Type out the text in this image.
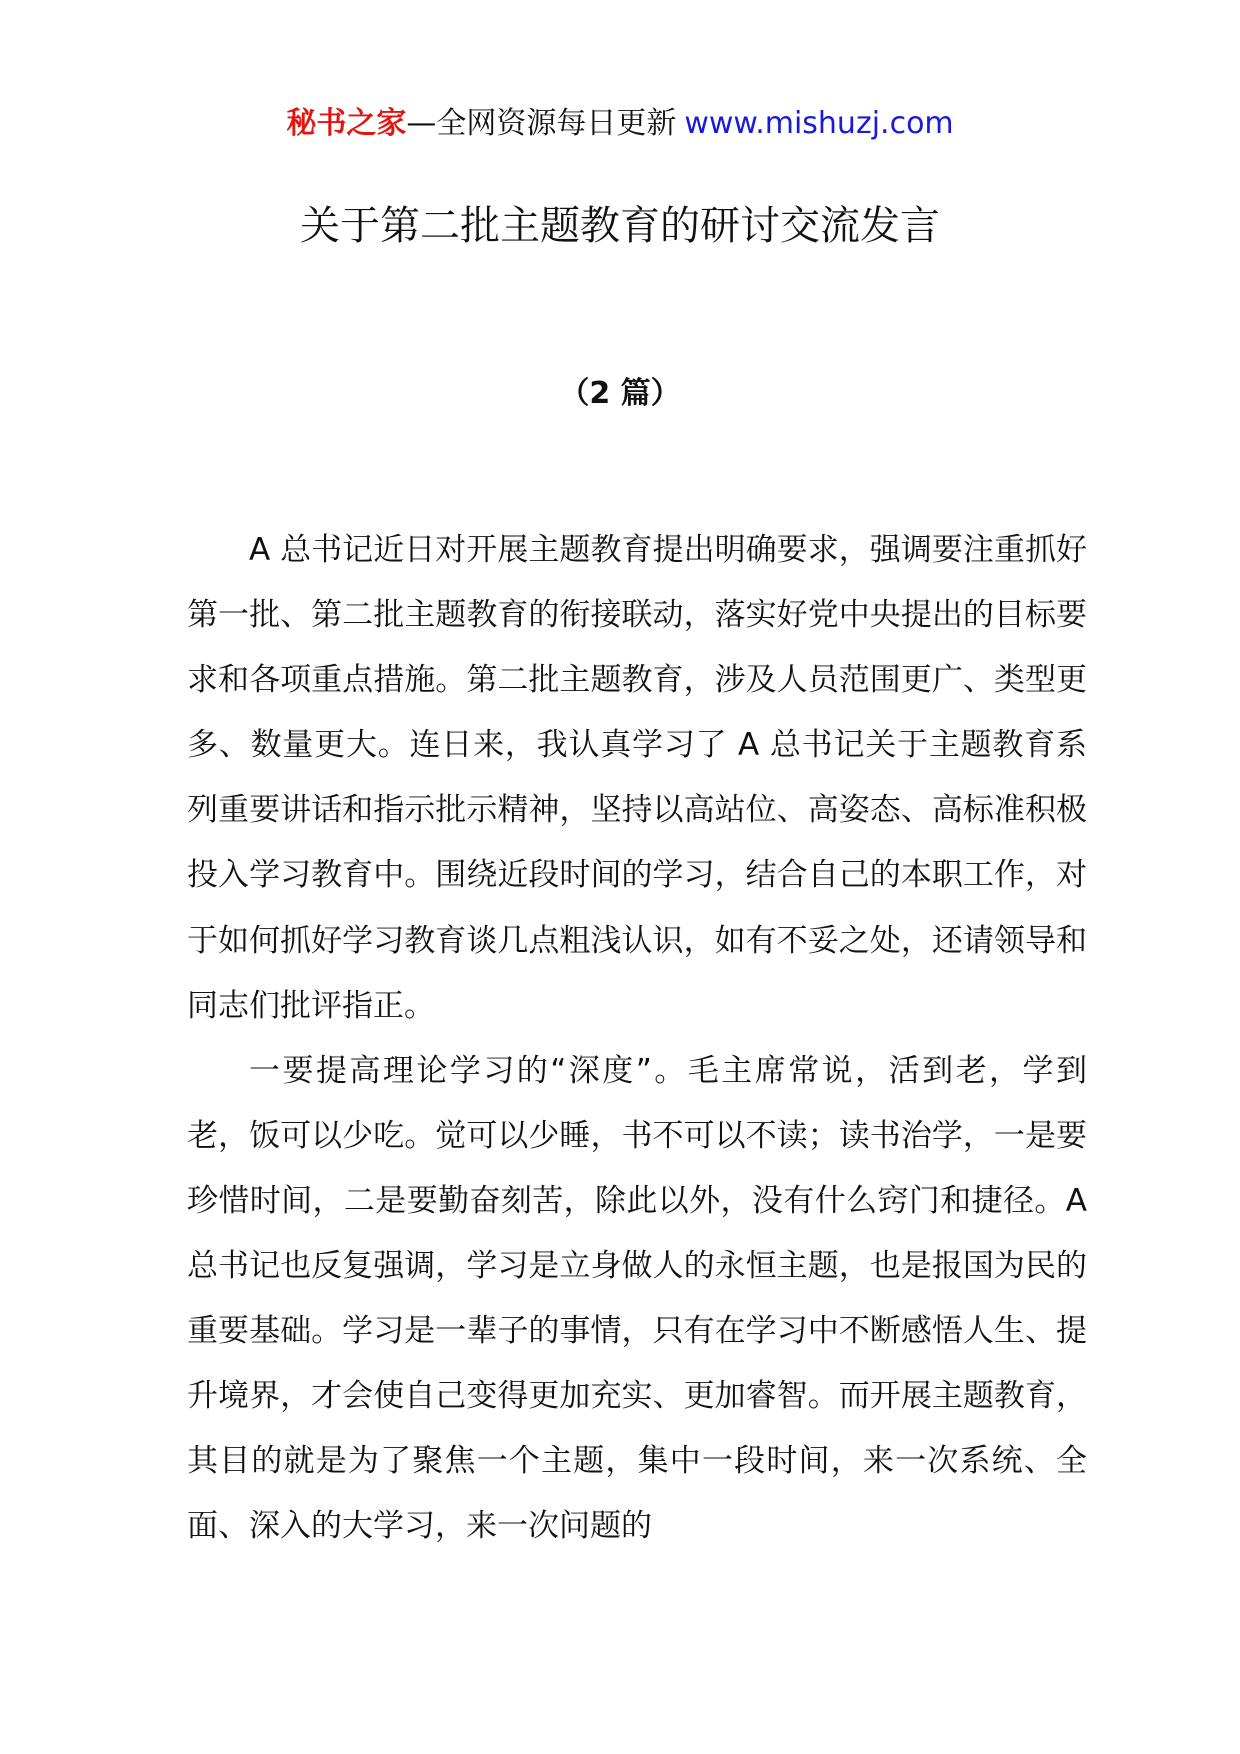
秘书之家—全网资源每日更新 www.mishuzj.com
关于第二批主题教育的研讨交流发言
（2 篇）

A 总书记近日对开展主题教育提出明确要求，强调要注重抓好第一批、第二批主题教育的衔接联动，落实好党中央提出的目标要求和各项重点措施。第二批主题教育，涉及人员范围更广、类型更多、数量更大。连日来，我认真学习了 A 总书记关于主题教育系列重要讲话和指示批示精神，坚持以高站位、高姿态、高标准积极投入学习教育中。围绕近段时间的学习，结合自己的本职工作，对于如何抓好学习教育谈几点粗浅认识，如有不妥之处，还请领导和同志们批评指正。

一要提高理论学习的“深度”。毛主席常说，活到老，学到老，饭可以少吃。觉可以少睡，书不可以不读；读书治学，一是要珍惜时间，二是要勤奋刻苦，除此以外，没有什么窍门和捷径。A 总书记也反复强调，学习是立身做人的永恒主题，也是报国为民的重要基础。学习是一辈子的事情，只有在学习中不断感悟人生、提升境界，才会使自己变得更加充实、更加睿智。而开展主题教育，其目的就是为了聚焦一个主题，集中一段时间，来一次系统、全面、深入的大学习，来一次问题的
